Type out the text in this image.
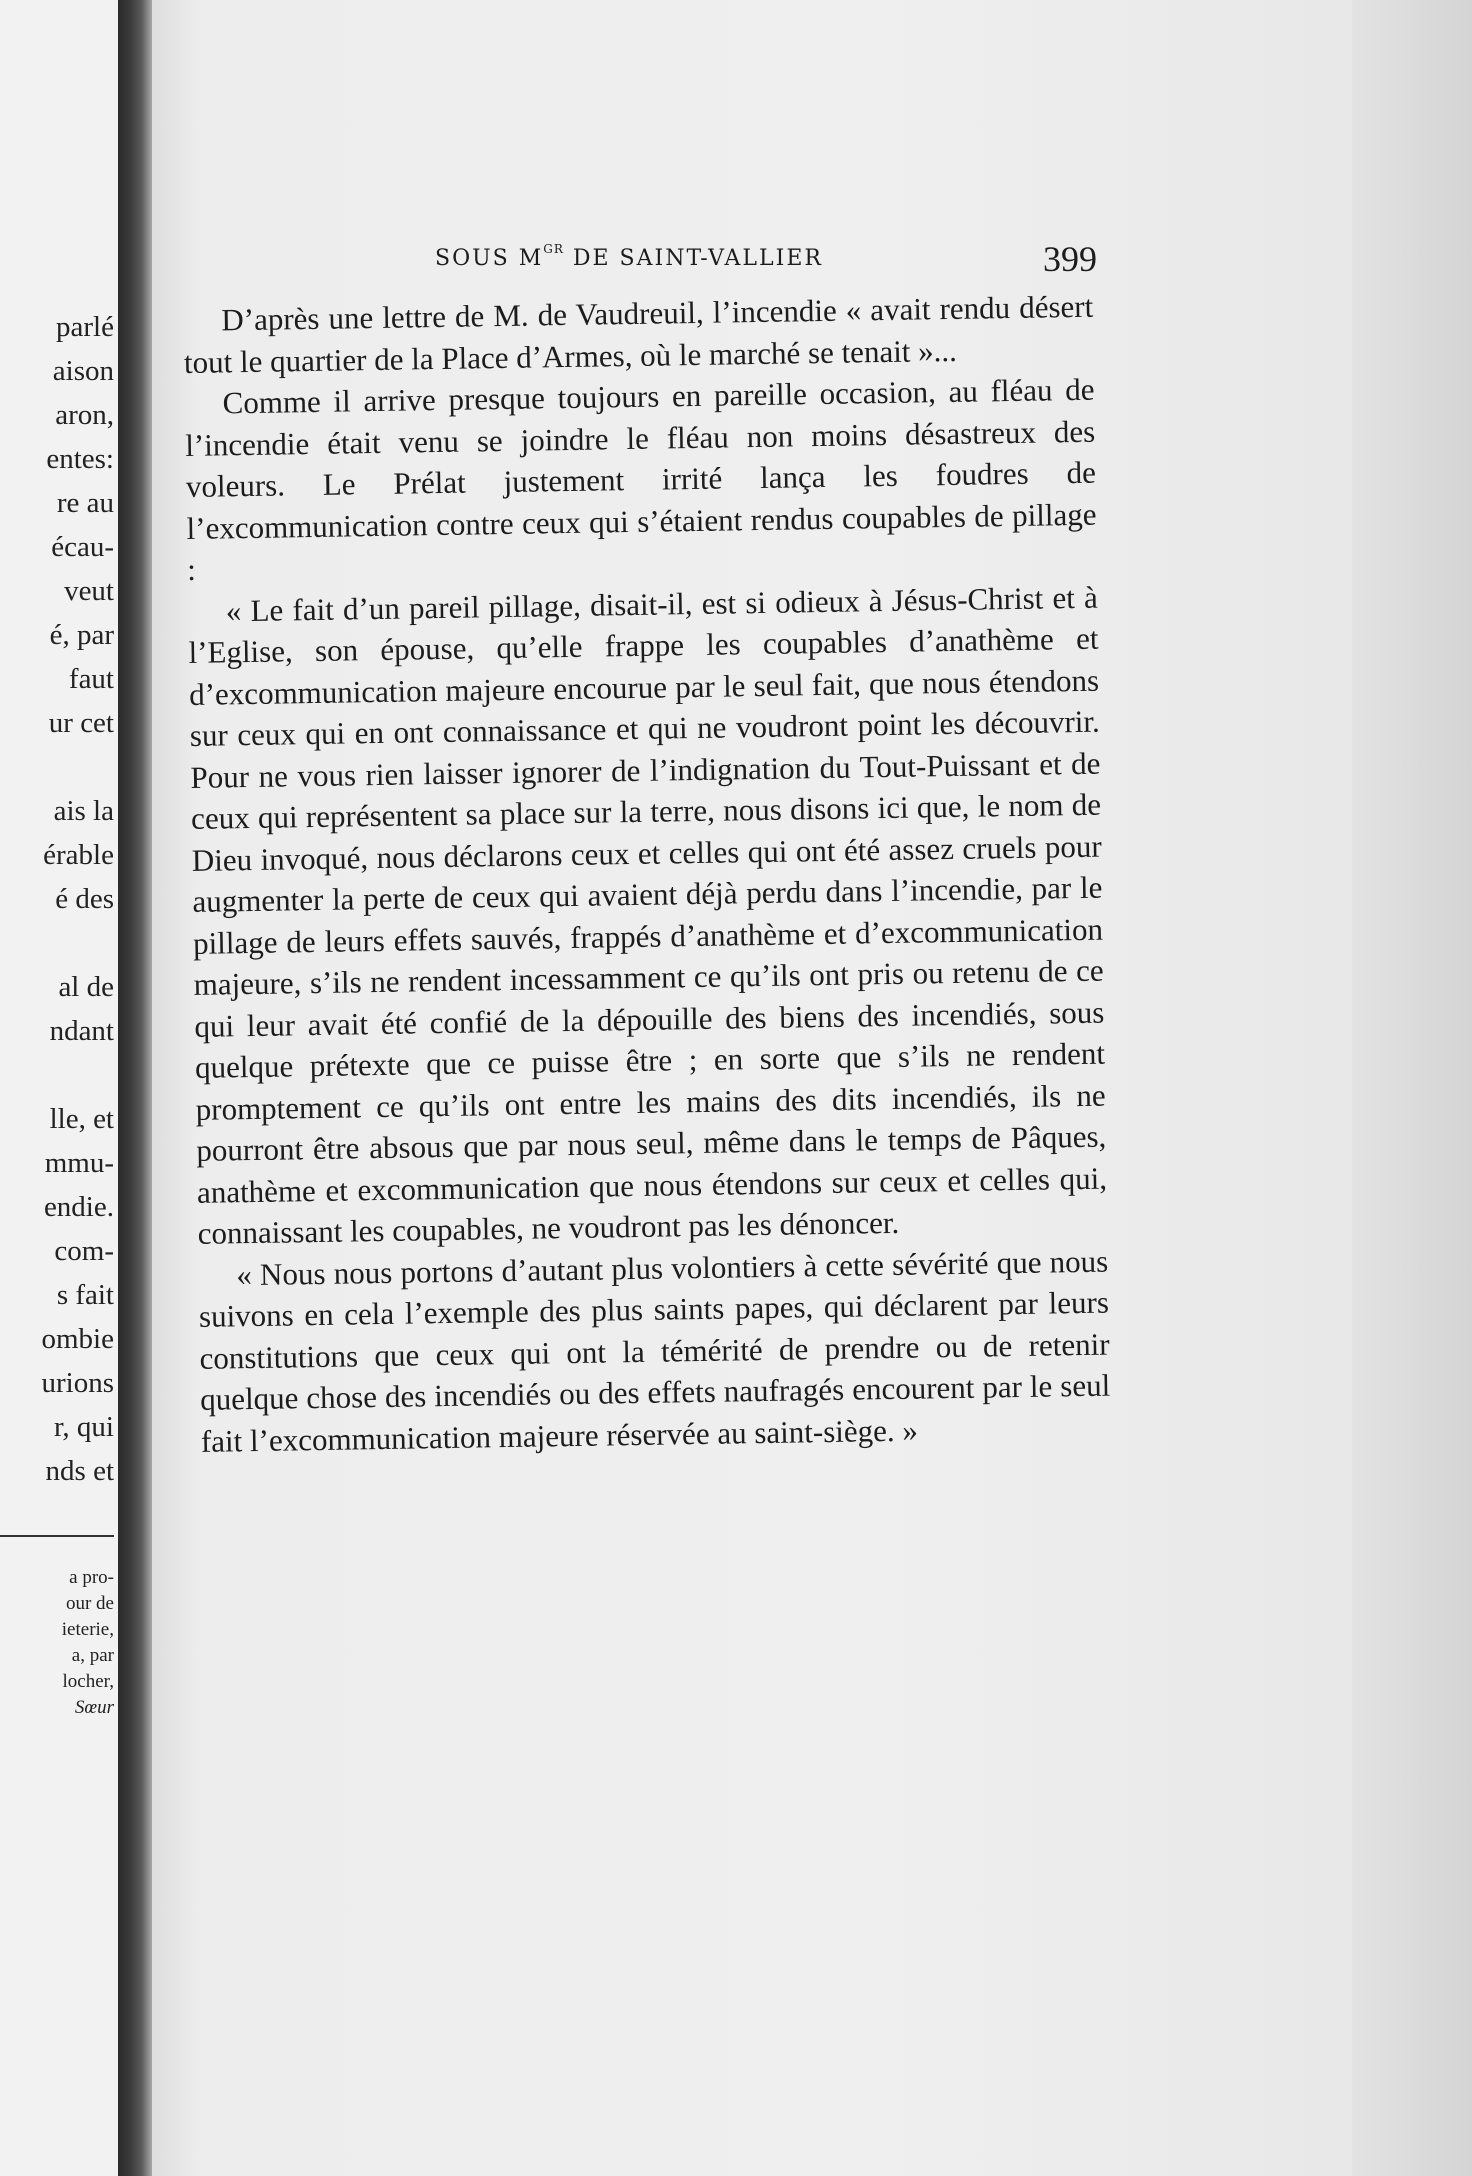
parlé
aison
aron,
entes:
re au
écau-
veut
é, par
faut
ur cet
ais la
érable
é des
al de
ndant
lle, et
mmu-
endie.
com-
s fait
ombie
urions
r, qui
nds et
a pro-
our de
ieterie,
a, par
locher,
Sœur
SOUS $M^{GR}$ DE SAINT-VALLIER	399

D’après une lettre de M. de Vaudreuil, l’incendie « avait rendu désert tout le quartier de la Place d’Armes, où le marché se tenait »...

Comme il arrive presque toujours en pareille occasion, au fléau de l’incendie était venu se joindre le fléau non moins désastreux des voleurs. Le Prélat justement irrité lança les foudres de l’excommunication contre ceux qui s’étaient rendus coupables de pillage :

« Le fait d’un pareil pillage, disait-il, est si odieux à Jésus-Christ et à l’Eglise, son épouse, qu’elle frappe les coupables d’anathème et d’excommunication majeure encourue par le seul fait, que nous étendons sur ceux qui en ont connaissance et qui ne voudront point les découvrir. Pour ne vous rien laisser ignorer de l’indignation du Tout-Puissant et de ceux qui représentent sa place sur la terre, nous disons ici que, le nom de Dieu invoqué, nous déclarons ceux et celles qui ont été assez cruels pour augmenter la perte de ceux qui avaient déjà perdu dans l’incendie, par le pillage de leurs effets sauvés, frappés d’anathème et d’excommunication majeure, s’ils ne rendent incessamment ce qu’ils ont pris ou retenu de ce qui leur avait été confié de la dépouille des biens des incendiés, sous quelque prétexte que ce puisse être ; en sorte que s’ils ne rendent promptement ce qu’ils ont entre les mains des dits incendiés, ils ne pourront être absous que par nous seul, même dans le temps de Pâques, anathème et excommunication que nous étendons sur ceux et celles qui, connaissant les coupables, ne voudront pas les dénoncer.

« Nous nous portons d’autant plus volontiers à cette sévérité que nous suivons en cela l’exemple des plus saints papes, qui déclarent par leurs constitutions que ceux qui ont la témérité de prendre ou de retenir quelque chose des incendiés ou des effets naufragés encourent par le seul fait l’excommunication majeure réservée au saint-siège. »
